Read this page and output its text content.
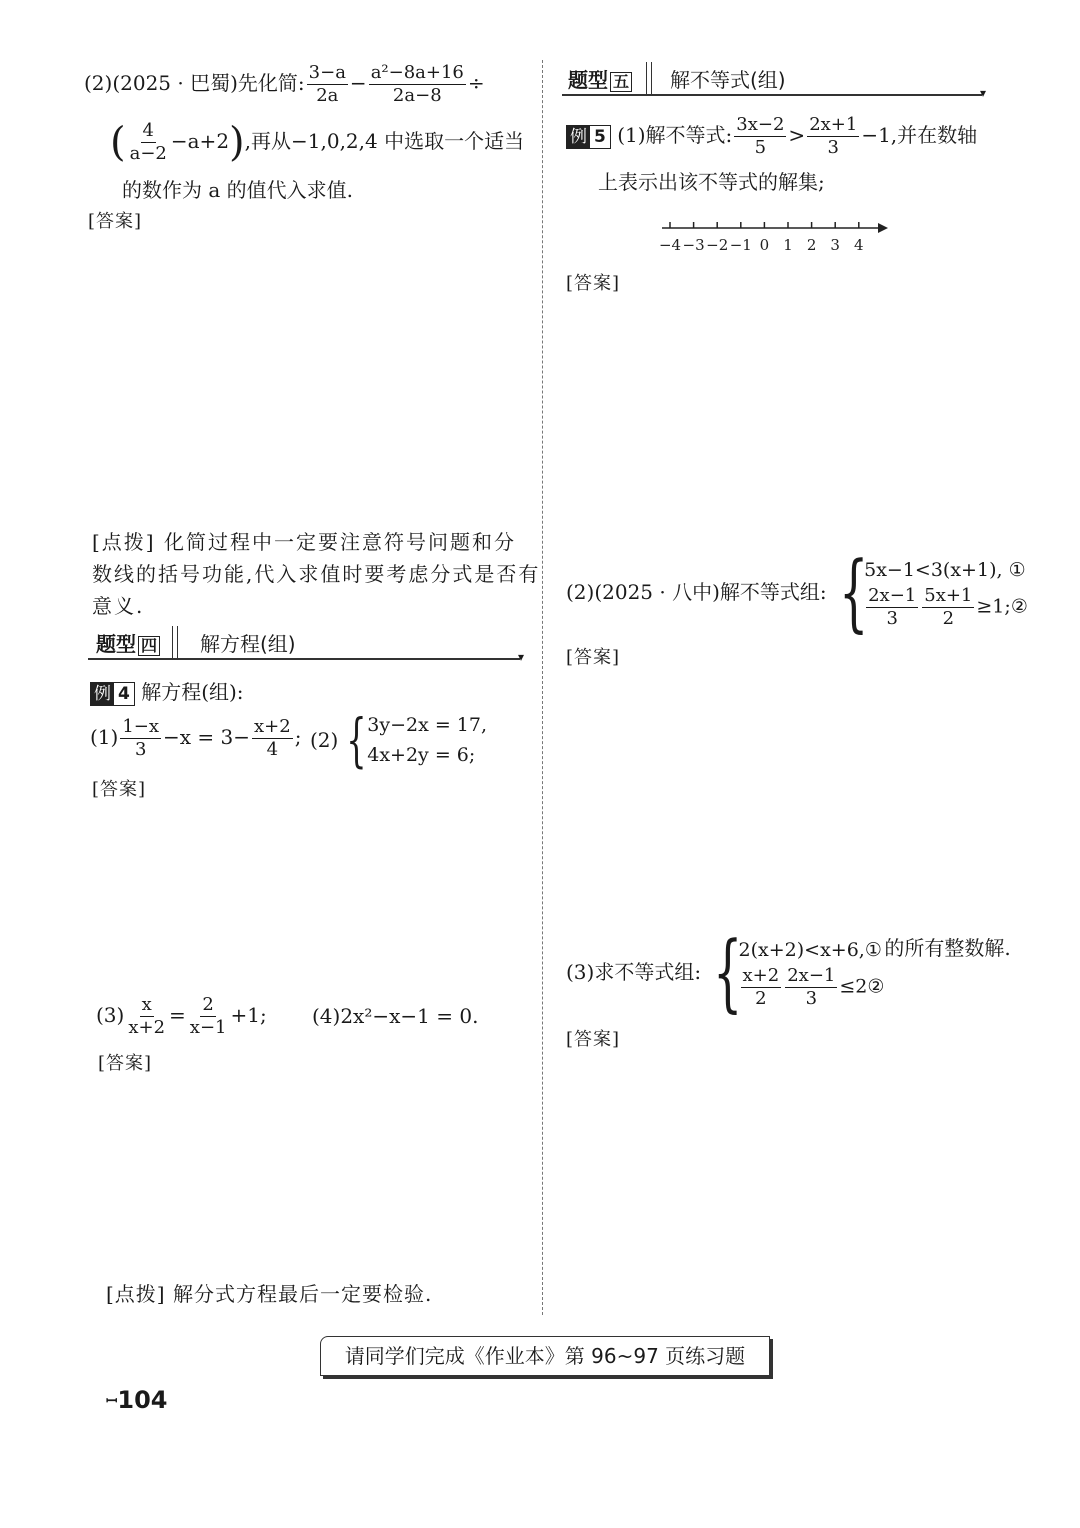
(2)(2025 · 巴蜀)先化简: $\frac{3-a}{2a} - \frac{\text{a²−8a+16}}{2a-8}$ ÷
( $\frac{4}{a-2} -a+2$),再从−1,0,2,4 中选取一个适当
的数作为 a 的值代入求值.
[答案]
[点拨] 化简过程中一定要注意符号问题和分
数线的括号功能,代入求值时要考虑分式是否有
意义.
题型 四 解方程(组)
▾
例 4 解方程(组):
$(1) \frac{1-x}{3} -x = 3- \frac{x+2}{4}$ ; (2) { 3y−2x = 17,
4x+2y = 6;
[答案]
$(3) \frac{x}{x+2} = \frac{2}{x-1} +1$; (4)2x²−x−1 = 0.
[答案]
[点拨] 解分式方程最后一定要检验.
题型 五 解不等式(组)
▾
例 5 (1)解不等式: $\frac{3x-2}{5} > \frac{2x+1}{3} -1$,并在数轴
上表示出该不等式的解集;
−4 −3 −2 −1 0 1 2 3 4
[答案]
(2)(2025 · 八中)解不等式组: {
5x−1<3(x+1), ①
$\frac{2x-1}{3} \frac{5x+1}{2}$ ≥1;②
[答案]
(3)求不等式组: {
2(x+2)<x+6,①
$\frac{x+2}{2} \frac{2x-1}{3}$ ≤2②
的所有整数解.
[答案]
请同学们完成《作业本》第 96~97 页练习题
ꟷ104
